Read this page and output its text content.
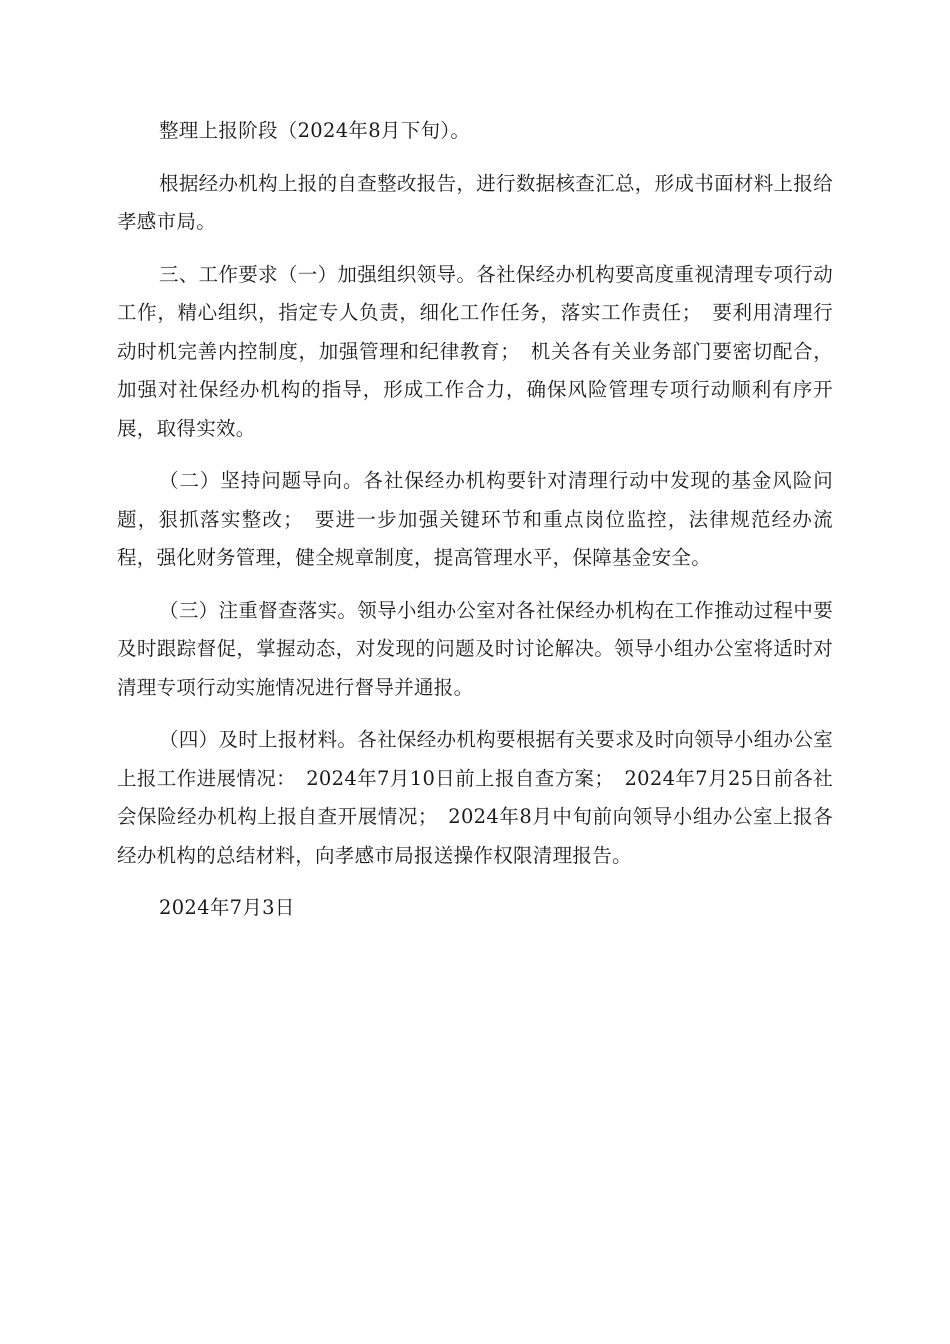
整理上报阶段（2024年8月下旬）。

根据经办机构上报的自查整改报告，进行数据核查汇总，形成书面材料上报给孝感市局。

三、工作要求（一）加强组织领导。各社保经办机构要高度重视清理专项行动工作，精心组织，指定专人负责，细化工作任务，落实工作责任；　要利用清理行动时机完善内控制度，加强管理和纪律教育；　机关各有关业务部门要密切配合，加强对社保经办机构的指导，形成工作合力，确保风险管理专项行动顺利有序开展，取得实效。

（二）坚持问题导向。各社保经办机构要针对清理行动中发现的基金风险问题，狠抓落实整改；　要进一步加强关键环节和重点岗位监控，法律规范经办流程，强化财务管理，健全规章制度，提高管理水平，保障基金安全。

（三）注重督查落实。领导小组办公室对各社保经办机构在工作推动过程中要及时跟踪督促，掌握动态，对发现的问题及时讨论解决。领导小组办公室将适时对清理专项行动实施情况进行督导并通报。

（四）及时上报材料。各社保经办机构要根据有关要求及时向领导小组办公室上报工作进展情况：　2024年7月10日前上报自查方案；　2024年7月25日前各社会保险经办机构上报自查开展情况；　2024年8月中旬前向领导小组办公室上报各经办机构的总结材料，向孝感市局报送操作权限清理报告。

2024年7月3日
